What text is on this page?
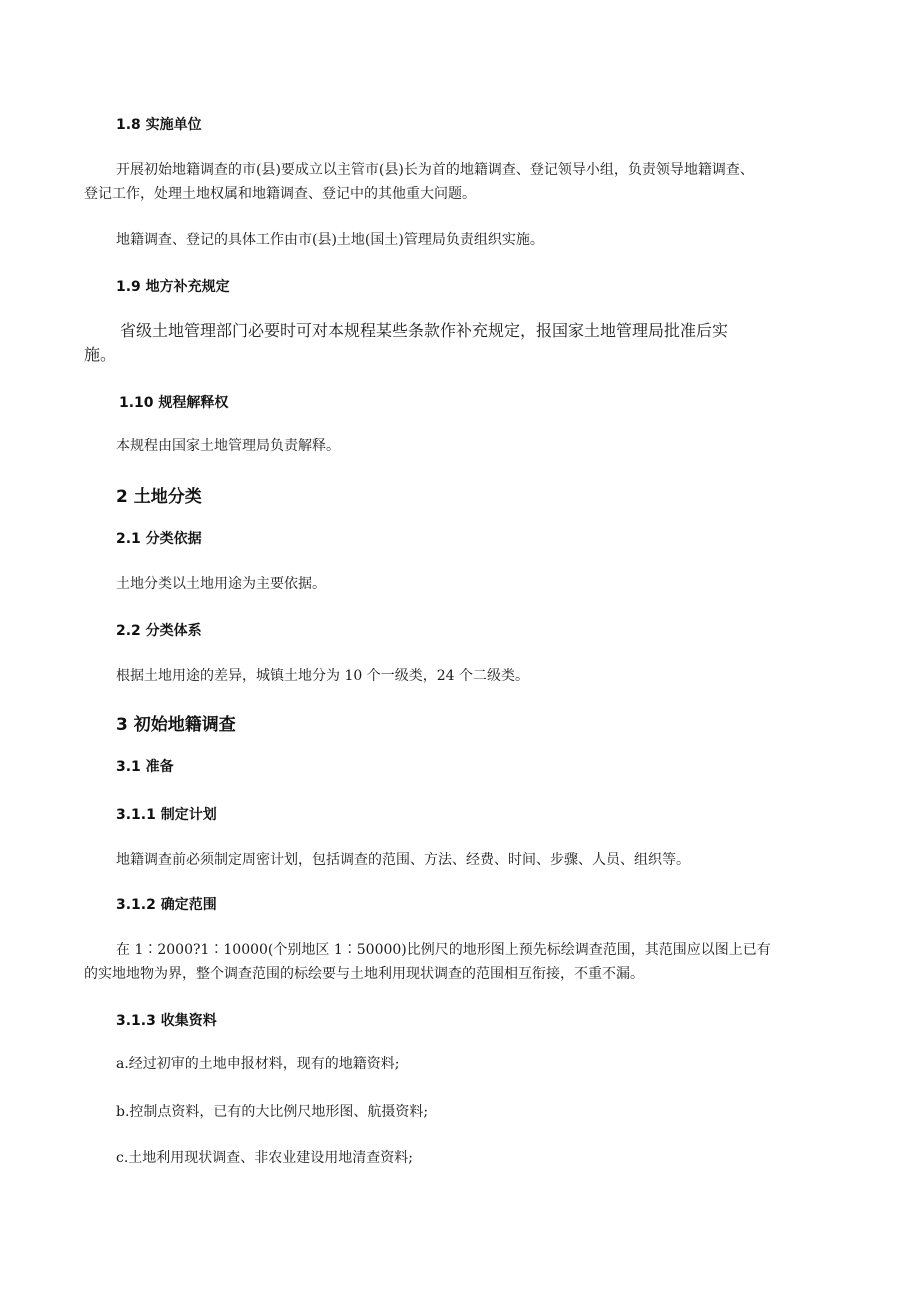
1.8 实施单位

开展初始地籍调查的市(县)要成立以主管市(县)长为首的地籍调查、登记领导小组，负责领导地籍调查、

登记工作，处理土地权属和地籍调查、登记中的其他重大问题。

地籍调查、登记的具体工作由市(县)土地(国土)管理局负责组织实施。

1.9 地方补充规定

省级土地管理部门必要时可对本规程某些条款作补充规定，报国家土地管理局批准后实

施。

1.10 规程解释权

本规程由国家土地管理局负责解释。

2 土地分类

2.1 分类依据

土地分类以土地用途为主要依据。

2.2 分类体系

根据土地用途的差异，城镇土地分为 10 个一级类，24 个二级类。

3 初始地籍调查

3.1 准备

3.1.1 制定计划

地籍调查前必须制定周密计划，包括调查的范围、方法、经费、时间、步骤、人员、组织等。

3.1.2 确定范围

在 1∶2000?1∶10000(个别地区 1∶50000)比例尺的地形图上预先标绘调查范围，其范围应以图上已有

的实地地物为界，整个调查范围的标绘要与土地利用现状调查的范围相互衔接，不重不漏。

3.1.3 收集资料

a.经过初审的土地申报材料，现有的地籍资料;

b.控制点资料，已有的大比例尺地形图、航摄资料;

c.土地利用现状调查、非农业建设用地清查资料;
